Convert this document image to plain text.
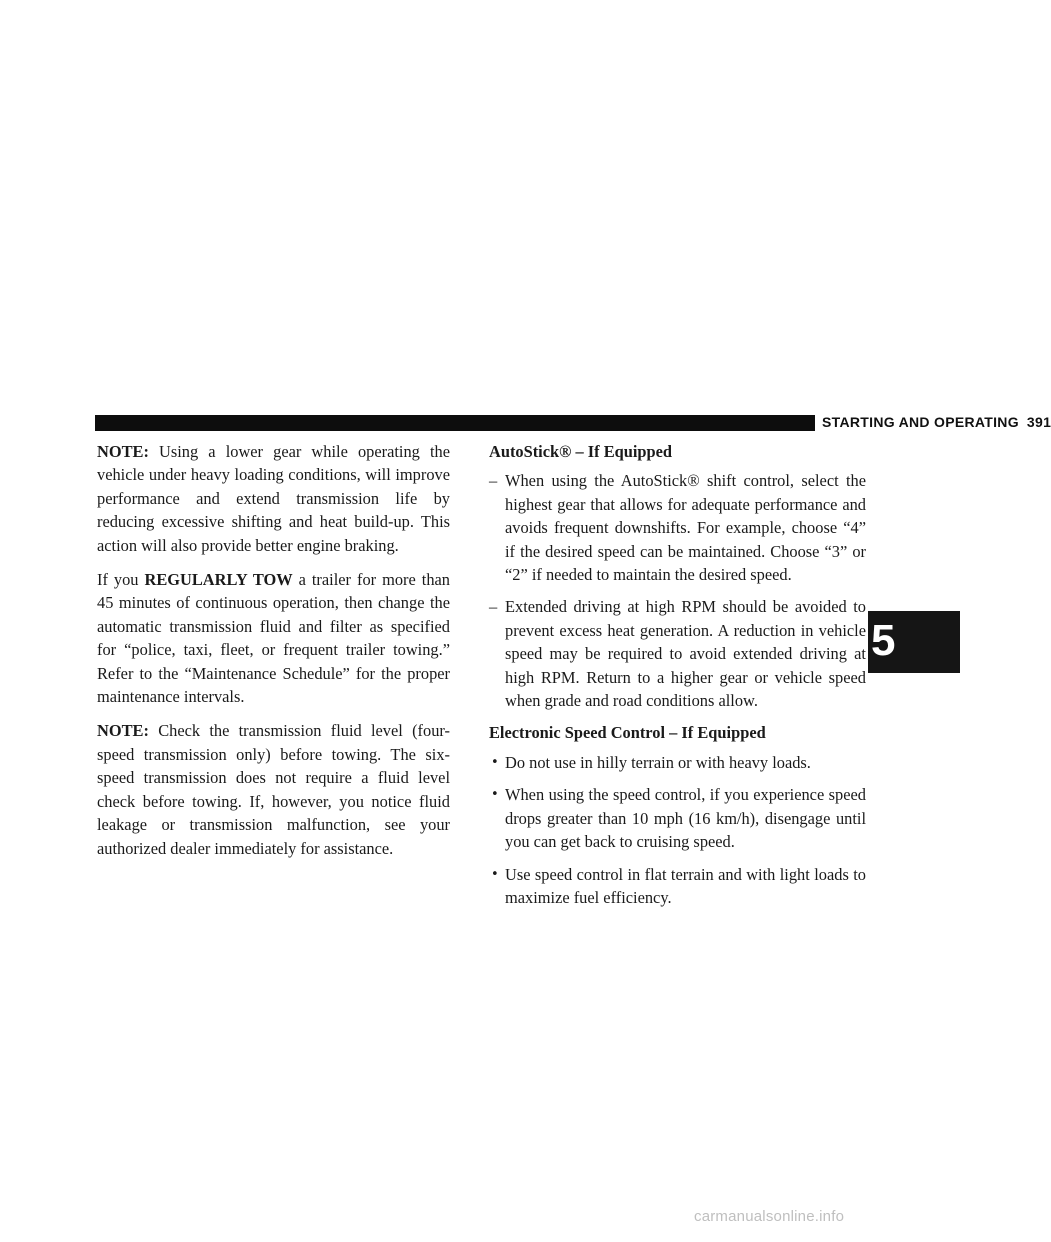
STARTING AND OPERATING 391
5

NOTE: Using a lower gear while operating the vehicle under heavy loading conditions, will improve performance and extend transmission life by reducing excessive shifting and heat build-up. This action will also provide better engine braking.

If you REGULARLY TOW a trailer for more than 45 minutes of continuous operation, then change the automatic transmission fluid and filter as specified for “police, taxi, fleet, or frequent trailer towing.” Refer to the “Maintenance Schedule” for the proper maintenance intervals.

NOTE: Check the transmission fluid level (four-speed transmission only) before towing. The six-speed transmission does not require a fluid level check before towing. If, however, you notice fluid leakage or transmission malfunction, see your authorized dealer immediately for assistance.

AutoStick® – If Equipped
– When using the AutoStick® shift control, select the highest gear that allows for adequate performance and avoids frequent downshifts. For example, choose “4” if the desired speed can be maintained. Choose “3” or “2” if needed to maintain the desired speed.
– Extended driving at high RPM should be avoided to prevent excess heat generation. A reduction in vehicle speed may be required to avoid extended driving at high RPM. Return to a higher gear or vehicle speed when grade and road conditions allow.
Electronic Speed Control – If Equipped
• Do not use in hilly terrain or with heavy loads.
• When using the speed control, if you experience speed drops greater than 10 mph (16 km/h), disengage until you can get back to cruising speed.
• Use speed control in flat terrain and with light loads to maximize fuel efficiency.
carmanualsonline.info
